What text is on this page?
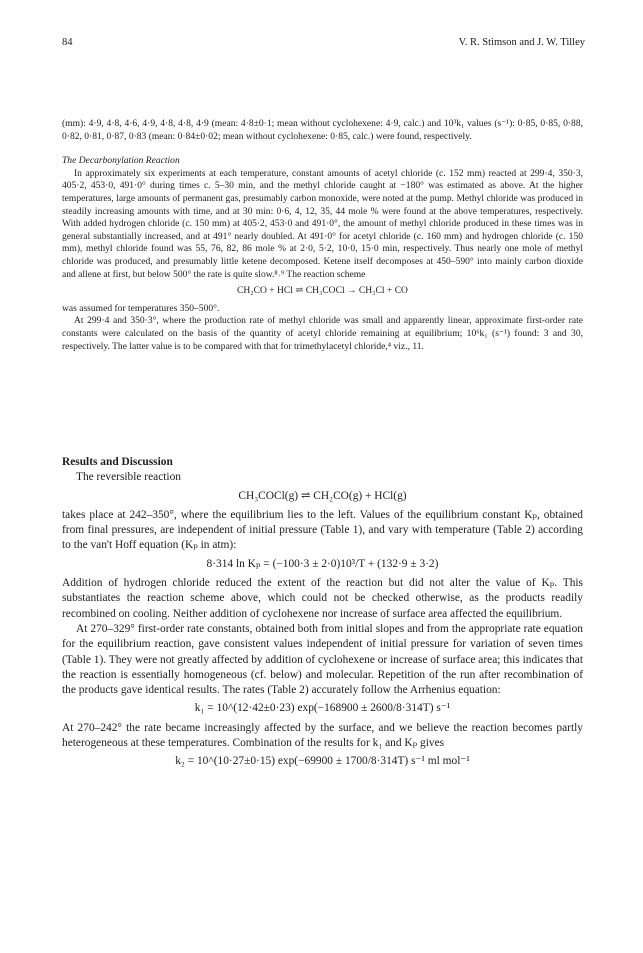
84	V. R. Stimson and J. W. Tilley

(mm): 4·9, 4·8, 4·6, 4·9, 4·8, 4·8, 4·9 (mean: 4·8±0·1; mean without cyclohexene: 4·9, calc.) and 10³k₁ values (s⁻¹): 0·85, 0·85, 0·88, 0·82, 0·81, 0·87, 0·83 (mean: 0·84±0·02; mean without cyclohexene: 0·85, calc.) were found, respectively.

The Decarbonylation Reaction

In approximately six experiments at each temperature, constant amounts of acetyl chloride (c. 152 mm) reacted at 299·4, 350·3, 405·2, 453·0, 491·0° during times c. 5–30 min, and the methyl chloride caught at −180° was estimated as above. At the higher temperatures, large amounts of permanent gas, presumably carbon monoxide, were noted at the pump. Methyl chloride was produced in steadily increasing amounts with time, and at 30 min: 0·6, 4, 12, 35, 44 mole % were found at the above temperatures, respectively. With added hydrogen chloride (c. 150 mm) at 405·2, 453·0 and 491·0°, the amount of methyl chloride produced in these times was in general substantially increased, and at 491° nearly doubled. At 491·0° for acetyl chloride (c. 160 mm) and hydrogen chloride (c. 150 mm), methyl chloride found was 55, 76, 82, 86 mole % at 2·0, 5·2, 10·0, 15·0 min, respectively. Thus nearly one mole of methyl chloride was produced, and presumably little ketene decomposed. Ketene itself decomposes at 450–590° into mainly carbon dioxide and allene at first, but below 500° the rate is quite slow.⁸˒⁹ The reaction scheme

CH₂CO + HCl ⇌ CH₃COCl → CH₃Cl + CO

was assumed for temperatures 350–500°.

At 299·4 and 350·3°, where the production rate of methyl chloride was small and apparently linear, approximate first-order rate constants were calculated on the basis of the quantity of acetyl chloride remaining at equilibrium; 10⁶k₁ (s⁻¹) found: 3 and 30, respectively. The latter value is to be compared with that for trimethylacetyl chloride,⁴ viz., 11.

Results and Discussion

The reversible reaction

CH₃COCl(g) ⇌ CH₂CO(g) + HCl(g)

takes place at 242–350°, where the equilibrium lies to the left. Values of the equilibrium constant Kₚ, obtained from final pressures, are independent of initial pressure (Table 1), and vary with temperature (Table 2) according to the van't Hoff equation (Kₚ in atm):

8·314 ln Kₚ = (−100·3 ± 2·0)10³/T + (132·9 ± 3·2)

Addition of hydrogen chloride reduced the extent of the reaction but did not alter the value of Kₚ. This substantiates the reaction scheme above, which could not be checked otherwise, as the products readily recombined on cooling. Neither addition of cyclohexene nor increase of surface area affected the equilibrium.

At 270–329° first-order rate constants, obtained both from initial slopes and from the appropriate rate equation for the equilibrium reaction, gave consistent values independent of initial pressure for variation of seven times (Table 1). They were not greatly affected by addition of cyclohexene or increase of surface area; this indicates that the reaction is essentially homogeneous (cf. below) and molecular. Repetition of the run after recombination of the products gave identical results. The rates (Table 2) accurately follow the Arrhenius equation:

k₁ = 10^(12·42±0·23) exp(−168900 ± 2600/8·314T) s⁻¹

At 270–242° the rate became increasingly affected by the surface, and we believe the reaction becomes partly heterogeneous at these temperatures. Combination of the results for k₁ and Kₚ gives

k₂ = 10^(10·27±0·15) exp(−69900 ± 1700/8·314T) s⁻¹ ml mol⁻¹
